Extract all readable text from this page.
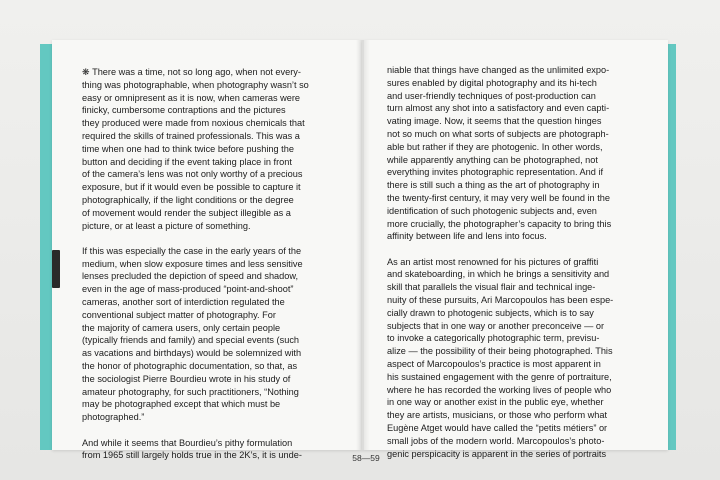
❋ There was a time, not so long ago, when not every-
thing was photographable, when photography wasn’t so
easy or omnipresent as it is now, when cameras were
finicky, cumbersome contraptions and the pictures
they produced were made from noxious chemicals that
required the skills of trained professionals. This was a
time when one had to think twice before pushing the
button and deciding if the event taking place in front
of the camera’s lens was not only worthy of a precious
exposure, but if it would even be possible to capture it
photographically, if the light conditions or the degree
of movement would render the subject illegible as a
picture, or at least a picture of something.

If this was especially the case in the early years of the
medium, when slow exposure times and less sensitive
lenses precluded the depiction of speed and shadow,
even in the age of mass-produced “point-and-shoot”
cameras, another sort of interdiction regulated the
conventional subject matter of photography. For
the majority of camera users, only certain people
(typically friends and family) and special events (such
as vacations and birthdays) would be solemnized with
the honor of photographic documentation, so that, as
the sociologist Pierre Bourdieu wrote in his study of
amateur photography, for such practitioners, “Nothing
may be photographed except that which must be
photographed.”

And while it seems that Bourdieu’s pithy formulation
from 1965 still largely holds true in the 2K’s, it is unde-

niable that things have changed as the unlimited expo-
sures enabled by digital photography and its hi-tech
and user-friendly techniques of post-production can
turn almost any shot into a satisfactory and even capti-
vating image. Now, it seems that the question hinges
not so much on what sorts of subjects are photograph-
able but rather if they are photogenic. In other words,
while apparently anything can be photographed, not
everything invites photographic representation. And if
there is still such a thing as the art of photography in
the twenty-first century, it may very well be found in the
identification of such photogenic subjects and, even
more crucially, the photographer’s capacity to bring this
affinity between life and lens into focus.

As an artist most renowned for his pictures of graffiti
and skateboarding, in which he brings a sensitivity and
skill that parallels the visual flair and technical inge-
nuity of these pursuits, Ari Marcopoulos has been espe-
cially drawn to photogenic subjects, which is to say
subjects that in one way or another preconceive — or
to invoke a categorically photographic term, previsu-
alize — the possibility of their being photographed. This
aspect of Marcopoulos’s practice is most apparent in
his sustained engagement with the genre of portraiture,
where he has recorded the working lives of people who
in one way or another exist in the public eye, whether
they are artists, musicians, or those who perform what
Eugène Atget would have called the “petits métiers” or
small jobs of the modern world. Marcopoulos’s photo-
genic perspicacity is apparent in the series of portraits

58—59
